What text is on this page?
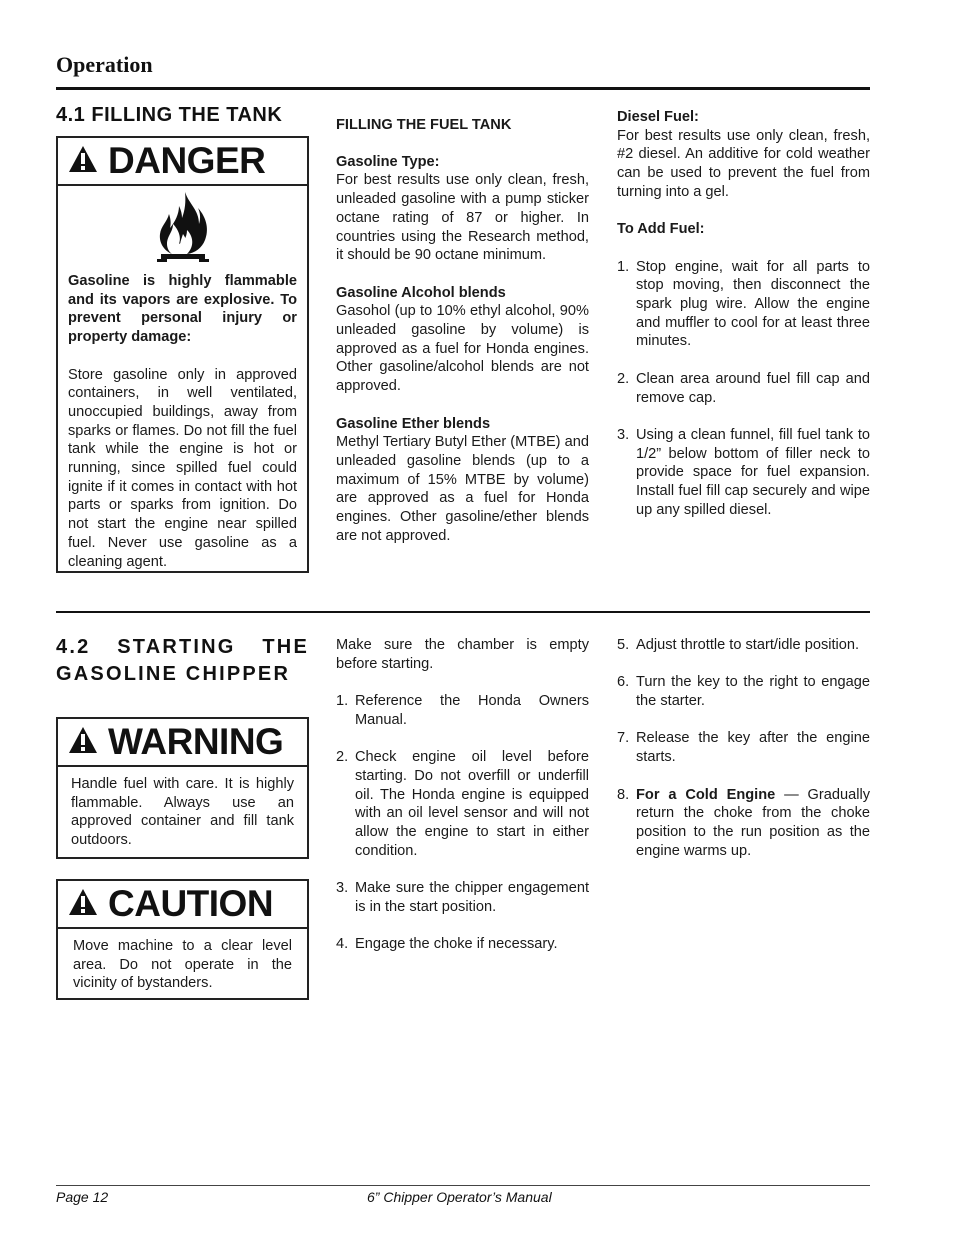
Operation
4.1 FILLING THE TANK
DANGER

Gasoline is highly flammable and its vapors are explosive. To prevent personal injury or property damage:

Store gasoline only in approved containers, in well ventilated, unoccupied buildings, away from sparks or flames. Do not fill the fuel tank while the engine is hot or running, since spilled fuel could ignite if it comes in contact with hot parts or sparks from ignition. Do not start the engine near spilled fuel. Never use gasoline as a cleaning agent.

FILLING THE FUEL TANK

Gasoline Type:

For best results use only clean, fresh, unleaded gasoline with a pump sticker octane rating of 87 or higher. In countries using the Research method, it should be 90 octane minimum.

Gasoline Alcohol blends

Gasohol (up to 10% ethyl alcohol, 90% unleaded gasoline by volume) is approved as a fuel for Honda engines. Other gasoline/alcohol blends are not approved.

Gasoline Ether blends

Methyl Tertiary Butyl Ether (MTBE) and unleaded gasoline blends (up to a maximum of 15% MTBE by volume) are approved as a fuel for Honda engines. Other gasoline/ether blends are not approved.

Diesel Fuel:

For best results use only clean, fresh, #2 diesel. An additive for cold weather can be used to prevent the fuel from turning into a gel.

To Add Fuel:

1. Stop engine, wait for all parts to stop moving, then disconnect the spark plug wire. Allow the engine and muffler to cool for at least three minutes.
2. Clean area around fuel fill cap and remove cap.
3. Using a clean funnel, fill fuel tank to 1/2” below bottom of filler neck to provide space for fuel expansion. Install fuel fill cap securely and wipe up any spilled diesel.
4.2 STARTING THE GASOLINE CHIPPER
WARNING

Handle fuel with care. It is highly flammable. Always use an approved container and fill tank outdoors.

CAUTION

Move machine to a clear level area. Do not operate in the vicinity of bystanders.

Make sure the chamber is empty before starting.

1. Reference the Honda Owners Manual.
2. Check engine oil level before starting. Do not overfill or underfill oil. The Honda engine is equipped with an oil level sensor and will not allow the engine to start in either condition.
3. Make sure the chipper engagement is in the start position.
4. Engage the choke if necessary.
5. Adjust throttle to start/idle position.
6. Turn the key to the right to engage the starter.
7. Release the key after the engine starts.
8. For a Cold Engine — Gradually return the choke from the choke position to the run position as the engine warms up.
Page 12	6” Chipper Operator’s Manual
